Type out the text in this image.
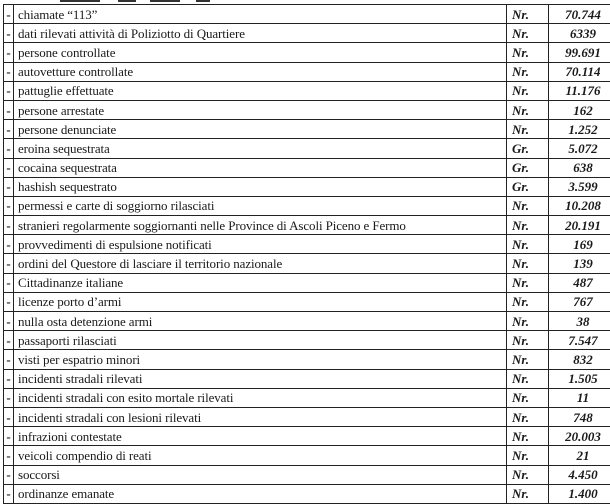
-	chiamate “113”	Nr.	70.744
-	dati rilevati attività di Poliziotto di Quartiere	Nr.	6339
-	persone controllate	Nr.	99.691
-	autovetture controllate	Nr.	70.114
-	pattuglie effettuate	Nr.	11.176
-	persone arrestate	Nr.	162
-	persone denunciate	Nr.	1.252
-	eroina sequestrata	Gr.	5.072
-	cocaina sequestrata	Gr.	638
-	hashish sequestrato	Gr.	3.599
-	permessi e carte di soggiorno rilasciati	Nr.	10.208
-	stranieri regolarmente soggiornanti nelle Province di Ascoli Piceno e Fermo	Nr.	20.191
-	provvedimenti di espulsione notificati	Nr.	169
-	ordini del Questore di lasciare il territorio nazionale	Nr.	139
-	Cittadinanze italiane	Nr.	487
-	licenze porto d’armi	Nr.	767
-	nulla osta detenzione armi	Nr.	38
-	passaporti rilasciati	Nr.	7.547
-	visti per espatrio minori	Nr.	832
-	incidenti stradali rilevati	Nr.	1.505
-	incidenti stradali con esito mortale rilevati	Nr.	11
-	incidenti stradali con lesioni rilevati	Nr.	748
-	infrazioni contestate	Nr.	20.003
-	veicoli compendio di reati	Nr.	21
-	soccorsi	Nr.	4.450
-	ordinanze emanate	Nr.	1.400
